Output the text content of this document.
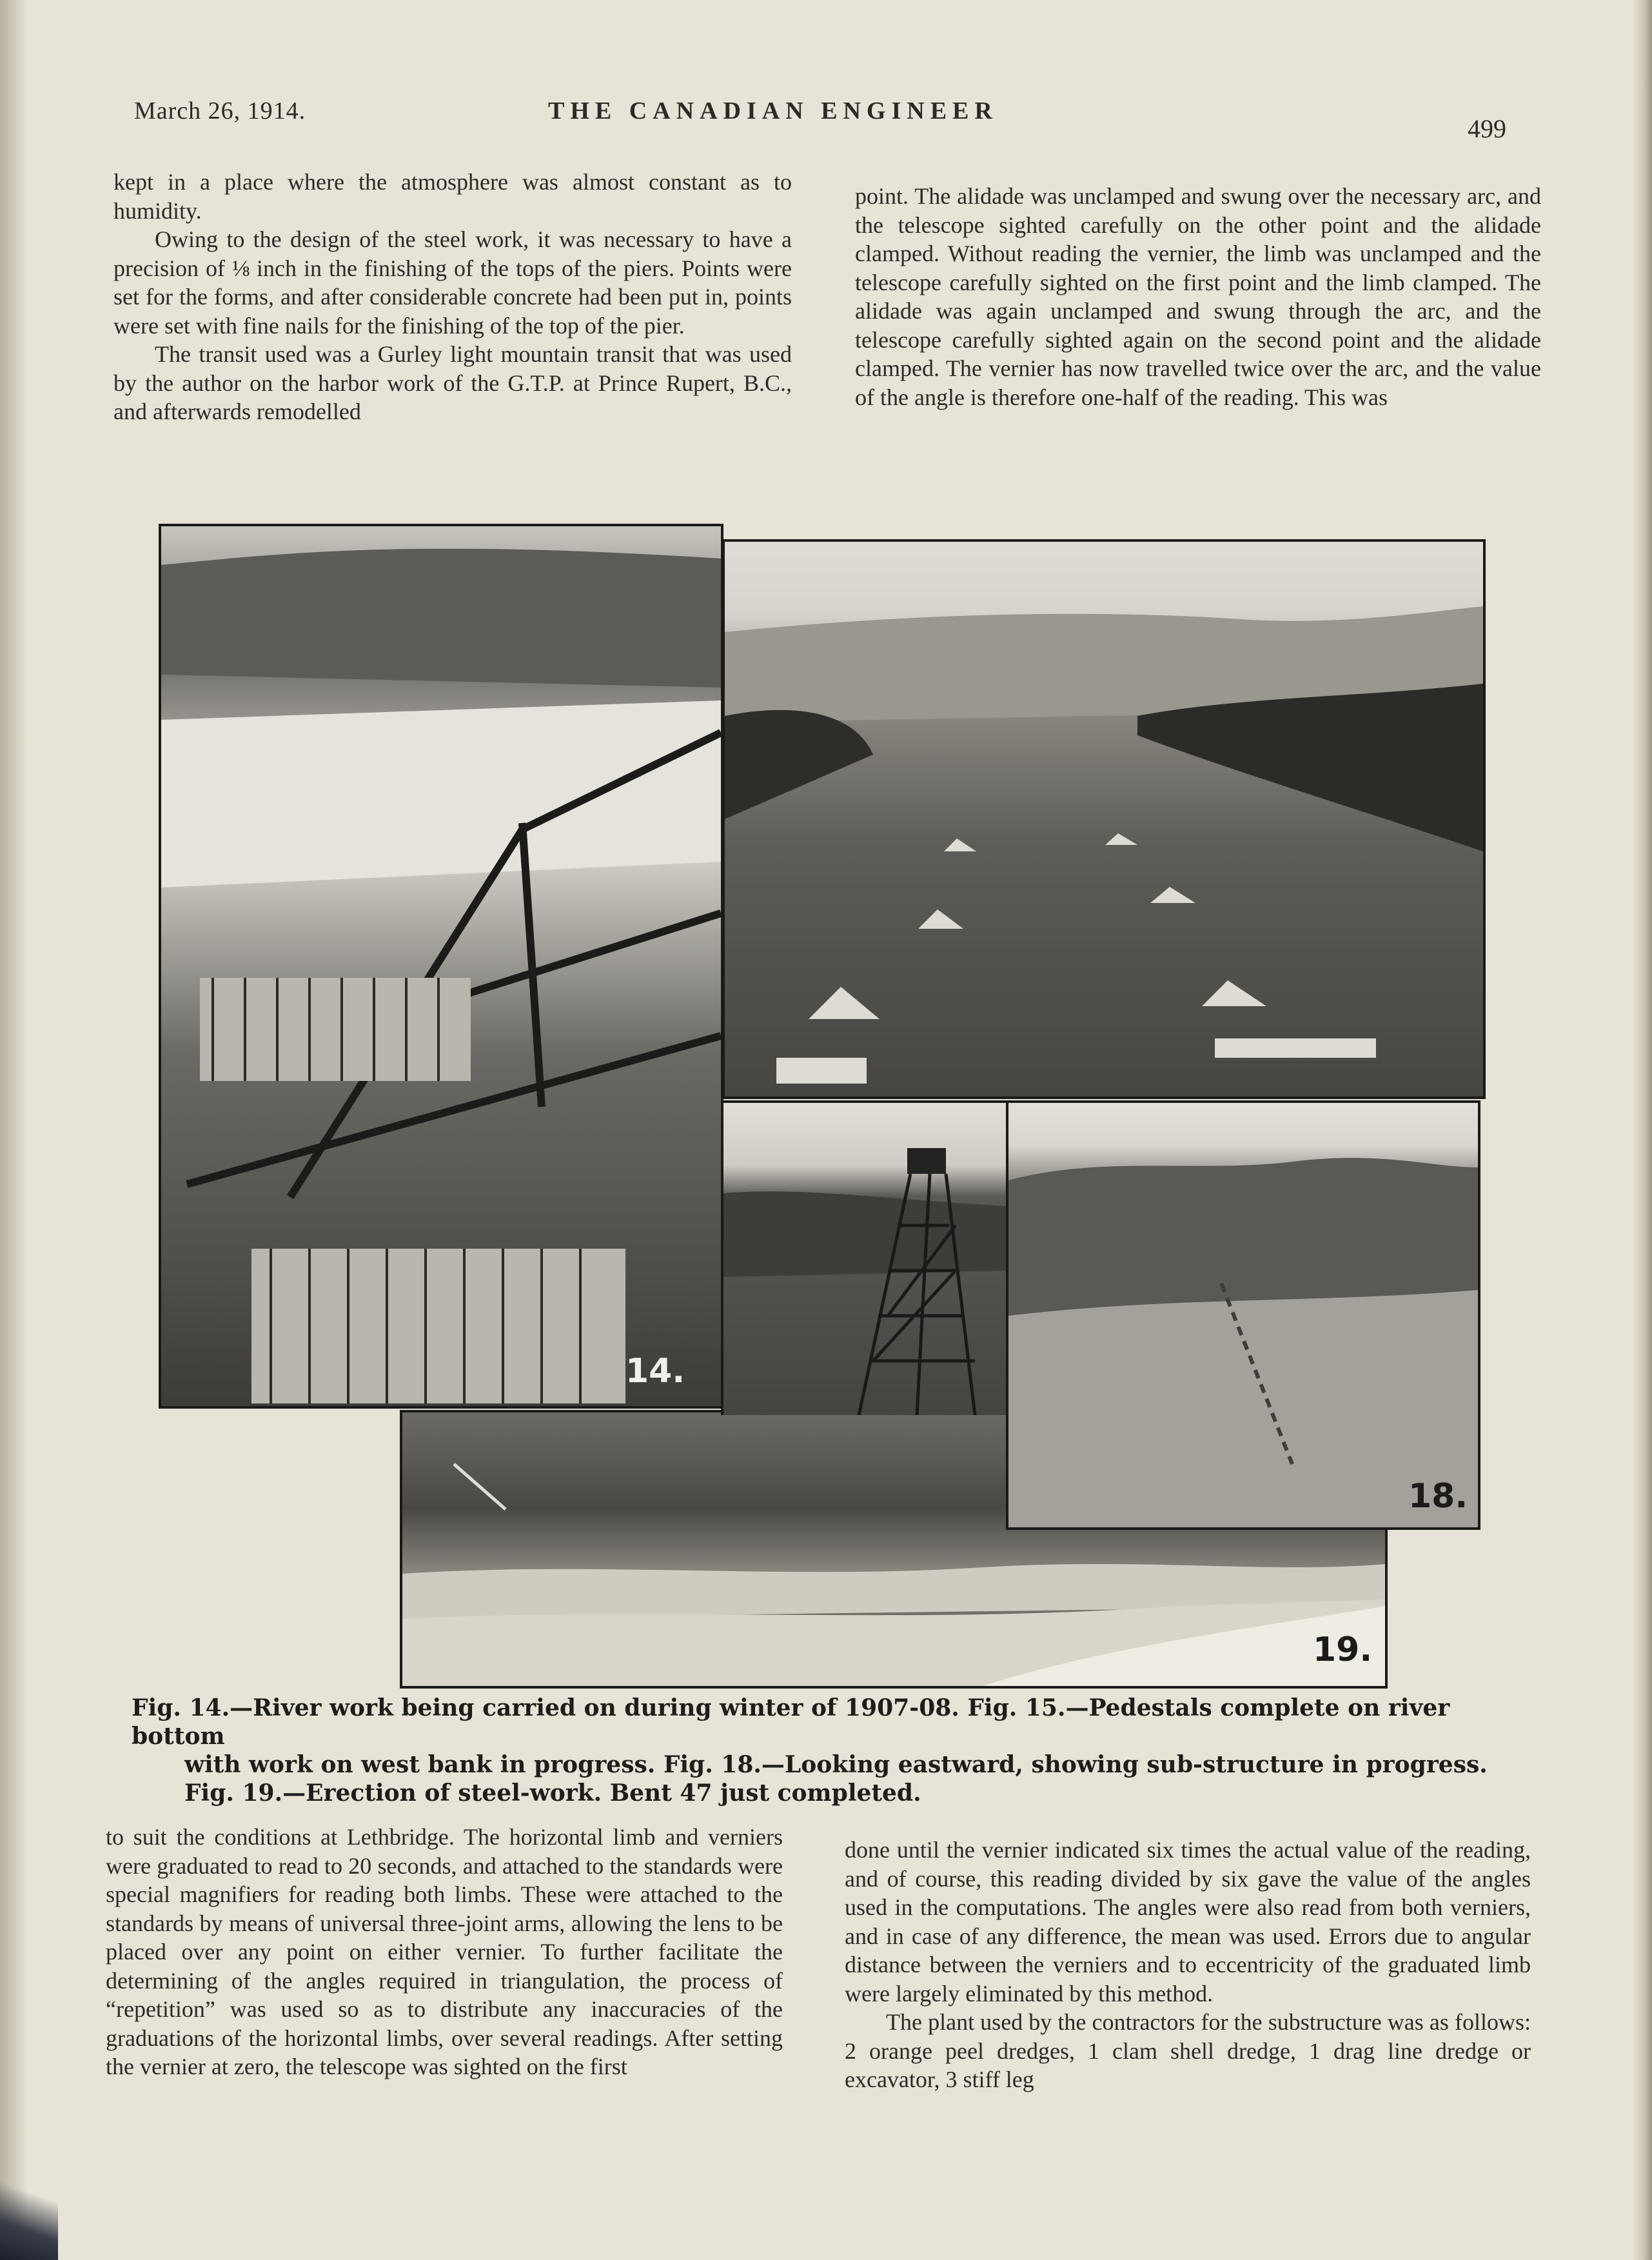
March 26, 1914.	THE CANADIAN ENGINEER
499

kept in a place where the atmosphere was almost constant as to humidity.

Owing to the design of the steel work, it was necessary to have a precision of ⅛ inch in the finishing of the tops of the piers. Points were set for the forms, and after considerable concrete had been put in, points were set with fine nails for the finishing of the top of the pier.

The transit used was a Gurley light mountain transit that was used by the author on the harbor work of the G.T.P. at Prince Rupert, B.C., and afterwards remodelled

point. The alidade was unclamped and swung over the necessary arc, and the telescope sighted carefully on the other point and the alidade clamped. Without reading the vernier, the limb was unclamped and the telescope carefully sighted on the first point and the limb clamped. The alidade was again unclamped and swung through the arc, and the telescope carefully sighted again on the second point and the alidade clamped. The vernier has now travelled twice over the arc, and the value of the angle is therefore one-half of the reading. This was

14.
18.
19.

Fig. 14.—River work being carried on during winter of 1907-08. Fig. 15.—Pedestals complete on river bottom

with work on west bank in progress. Fig. 18.—Looking eastward, showing sub-structure in progress.

Fig. 19.—Erection of steel-work. Bent 47 just completed.

to suit the conditions at Lethbridge. The horizontal limb and verniers were graduated to read to 20 seconds, and attached to the standards were special magnifiers for reading both limbs. These were attached to the standards by means of universal three-joint arms, allowing the lens to be placed over any point on either vernier. To further facilitate the determining of the angles required in triangulation, the process of “repetition” was used so as to distribute any inaccuracies of the graduations of the horizontal limbs, over several readings. After setting the vernier at zero, the telescope was sighted on the first

done until the vernier indicated six times the actual value of the reading, and of course, this reading divided by six gave the value of the angles used in the computations. The angles were also read from both verniers, and in case of any difference, the mean was used. Errors due to angular distance between the verniers and to eccentricity of the graduated limb were largely eliminated by this method.

The plant used by the contractors for the substructure was as follows: 2 orange peel dredges, 1 clam shell dredge, 1 drag line dredge or excavator, 3 stiff leg
